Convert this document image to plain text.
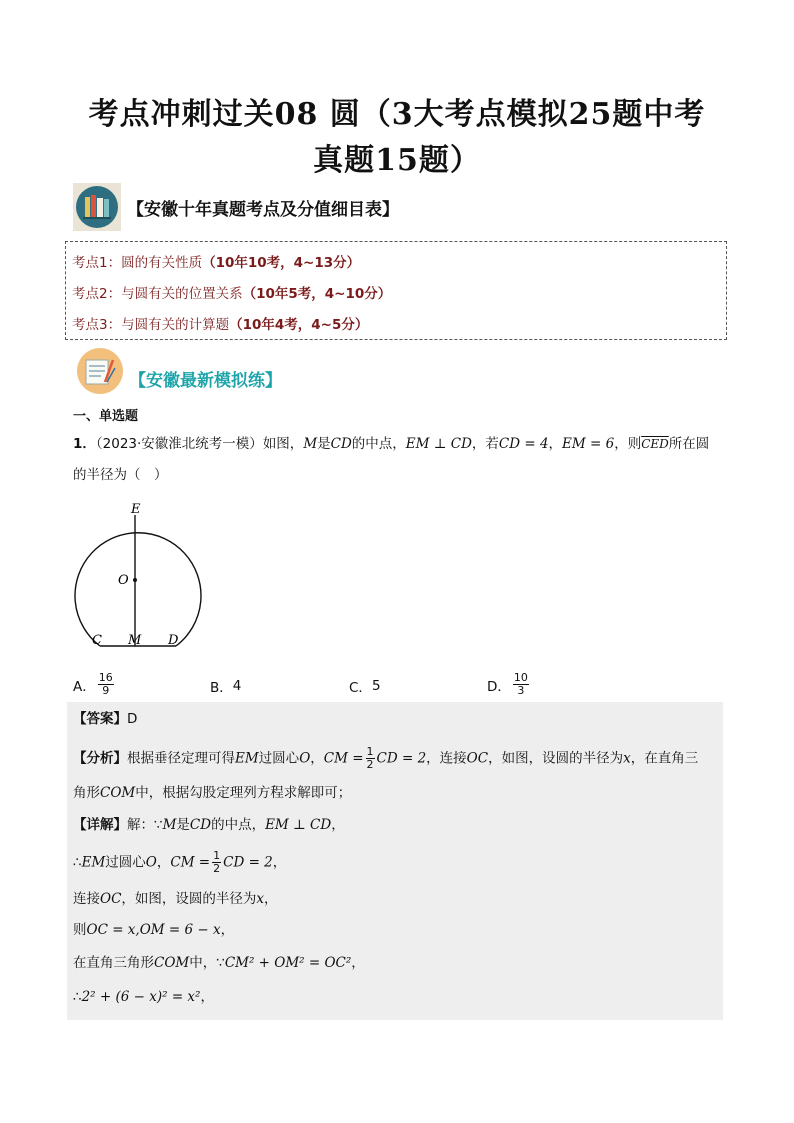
考点冲刺过关08 圆（3大考点模拟25题中考
真题15题）
【安徽十年真题考点及分值细目表】
考点1：圆的有关性质（10年10考，4~13分）
考点2：与圆有关的位置关系（10年5考，4~10分）
考点3：与圆有关的计算题（10年4考，4~5分）
【安徽最新模拟练】
一、单选题
1．（2023·安徽淮北统考一模）如图，M是CD的中点，EM ⊥ CD，若CD = 4，EM = 6，则$\overline{CED}$所在圆
的半径为（　）
E
O
C M D
A． $\frac{16}{9}$	B． 4	C． 5	D． $\frac{10}{3}$
【答案】D
【分析】根据垂径定理可得EM过圆心O，CM = $\frac{1}{2}$ CD = 2，连接OC，如图，设圆的半径为x，在直角三
角形COM中，根据勾股定理列方程求解即可；
【详解】解：∵M是CD的中点，EM ⊥ CD，
∴EM过圆心O，CM = $\frac{1}{2}$ CD = 2，
连接OC，如图，设圆的半径为x，
则OC = x,OM = 6 − x，
在直角三角形COM中，∵CM² + OM² = OC²，
∴2² + (6 − x)² = x²，
